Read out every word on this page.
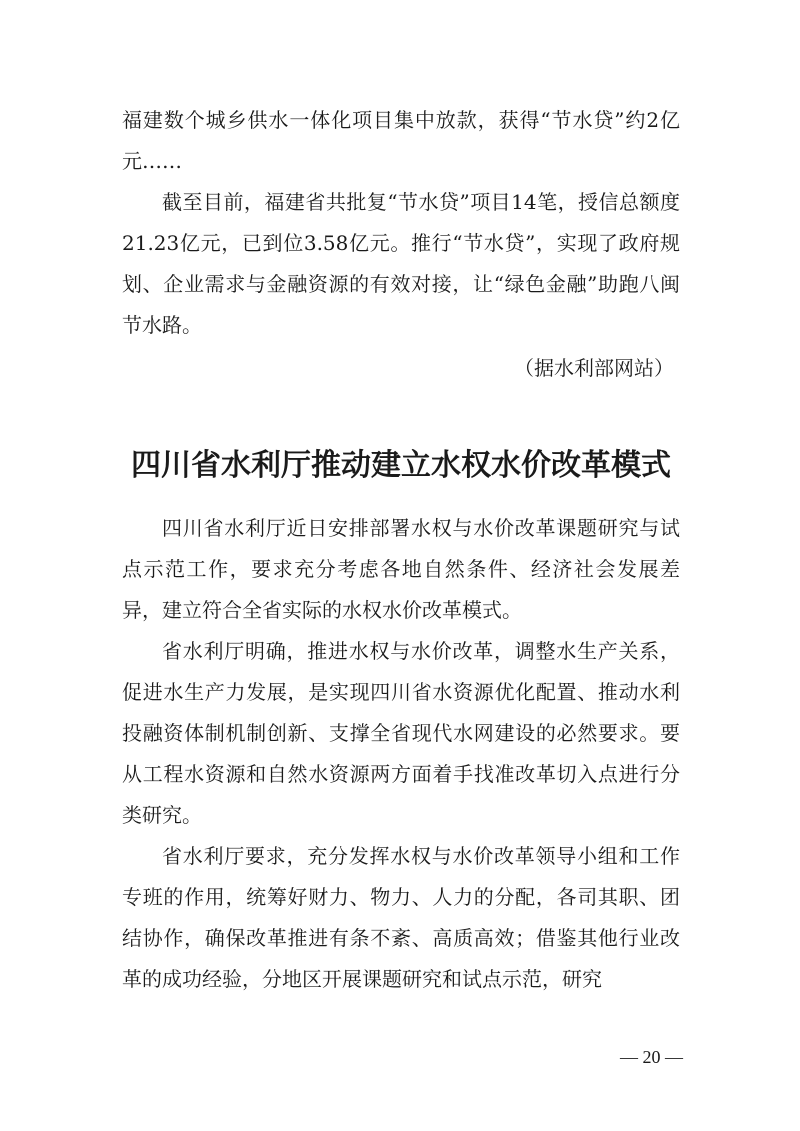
福建数个城乡供水一体化项目集中放款，获得“节水贷”约2亿元……

截至目前，福建省共批复“节水贷”项目14笔，授信总额度21.23亿元，已到位3.58亿元。推行“节水贷”，实现了政府规划、企业需求与金融资源的有效对接，让“绿色金融”助跑八闽节水路。

（据水利部网站）

四川省水利厅推动建立水权水价改革模式

四川省水利厅近日安排部署水权与水价改革课题研究与试点示范工作，要求充分考虑各地自然条件、经济社会发展差异，建立符合全省实际的水权水价改革模式。

省水利厅明确，推进水权与水价改革，调整水生产关系，促进水生产力发展，是实现四川省水资源优化配置、推动水利投融资体制机制创新、支撑全省现代水网建设的必然要求。要从工程水资源和自然水资源两方面着手找准改革切入点进行分类研究。

省水利厅要求，充分发挥水权与水价改革领导小组和工作专班的作用，统筹好财力、物力、人力的分配，各司其职、团结协作，确保改革推进有条不紊、高质高效；借鉴其他行业改革的成功经验，分地区开展课题研究和试点示范，研究

— 20 —
